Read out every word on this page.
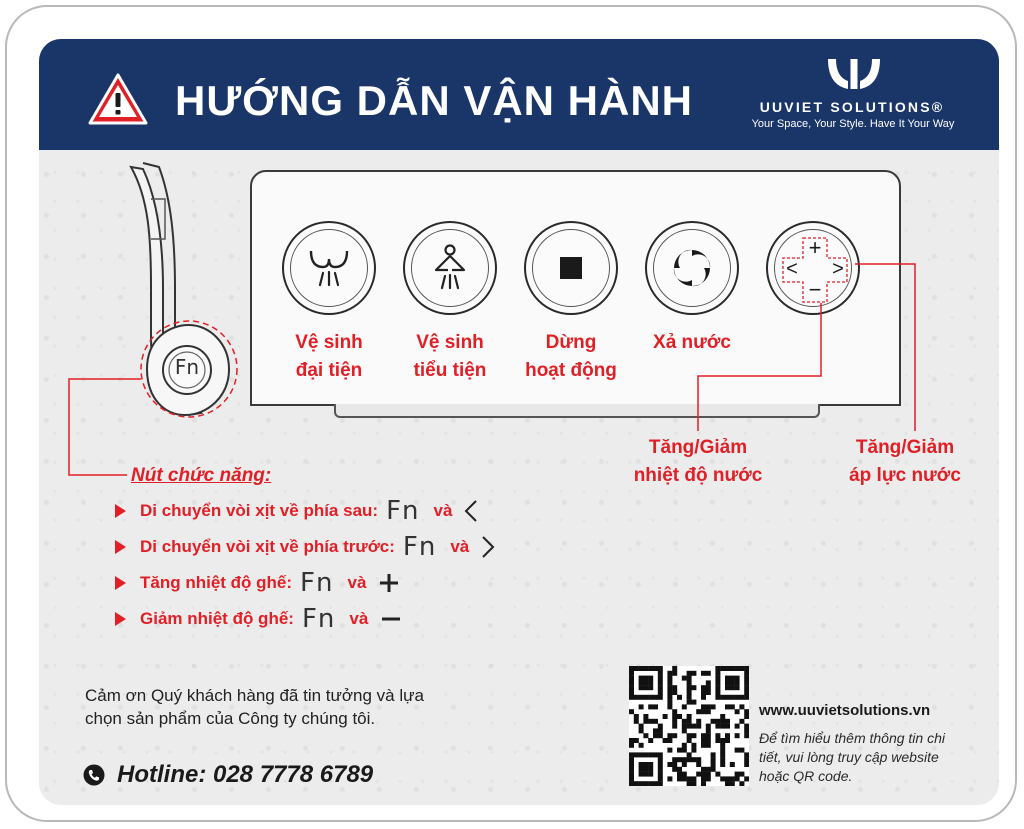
HƯỚNG DẪN VẬN HÀNH	UUVIET SOLUTIONS®
Your Space, Your Style. Have It Your Way
Fn
+
−
< >
Vệ sinh
đại tiện
Vệ sinh
tiểu tiện
Dừng
hoạt động
Xả nước
Tăng/Giảm
nhiệt độ nước
Tăng/Giảm
áp lực nước
Nút chức năng:
Di chuyển vòi xịt về phía sau: Fn và
Di chuyển vòi xịt về phía trước: Fn và
Tăng nhiệt độ ghế: Fn và
Giảm nhiệt độ ghế: Fn và
Cảm ơn Quý khách hàng đã tin tưởng và lựa chọn sản phẩm của Công ty chúng tôi.
Hotline: 028 7778 6789
www.uuvietsolutions.vn
Để tìm hiểu thêm thông tin chi tiết, vui lòng truy cập website hoặc QR code.
